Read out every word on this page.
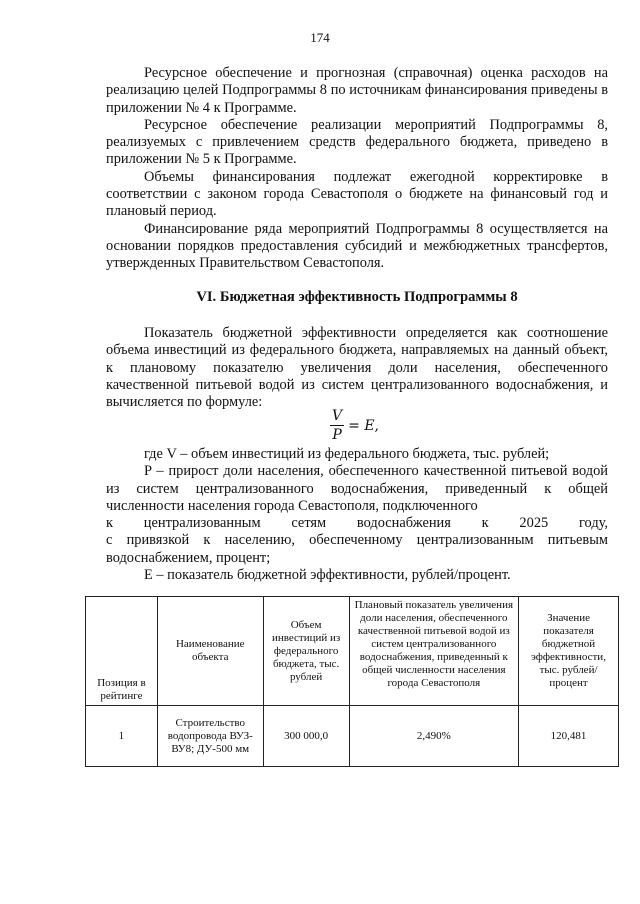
174

Ресурсное обеспечение и прогнозная (справочная) оценка расходов на реализацию целей Подпрограммы 8 по источникам финансирования приведены в приложении № 4 к Программе.

Ресурсное обеспечение реализации мероприятий Подпрограммы 8, реализуемых с привлечением средств федерального бюджета, приведено в приложении № 5 к Программе.

Объемы финансирования подлежат ежегодной корректировке в соответствии с законом города Севастополя о бюджете на финансовый год и плановый период.

Финансирование ряда мероприятий Подпрограммы 8 осуществляется на основании порядков предоставления субсидий и межбюджетных трансфертов, утвержденных Правительством Севастополя.

VI. Бюджетная эффективность Подпрограммы 8

Показатель бюджетной эффективности определяется как соотношение объема инвестиций из федерального бюджета, направляемых на данный объект, к плановому показателю увеличения доли населения, обеспеченного качественной питьевой водой из систем централизованного водоснабжения, и вычисляется по формуле:

$\frac{V}{P} = E$,

где V – объем инвестиций из федерального бюджета, тыс. рублей;

P – прирост доли населения, обеспеченного качественной питьевой водой из систем централизованного водоснабжения, приведенный к общей численности населения города Севастополя, подключенного

к централизованным сетям водоснабжения к 2025 году,

с привязкой к населению, обеспеченному централизованным питьевым водоснабжением, процент;

E – показатель бюджетной эффективности, рублей/процент.

Позиция в рейтинге	Наименование объекта	Объем инвестиций из федерального бюджета, тыс. рублей	Плановый показатель увеличения доли населения, обеспеченного качественной питьевой водой из систем централизованного водоснабжения, приведенный к общей численности населения города Севастополя	Значение показателя бюджетной эффективности, тыс. рублей/ процент
1	Строительство водопровода ВУЗ-ВУ8; ДУ-500 мм	300 000,0	2,490%	120,481
